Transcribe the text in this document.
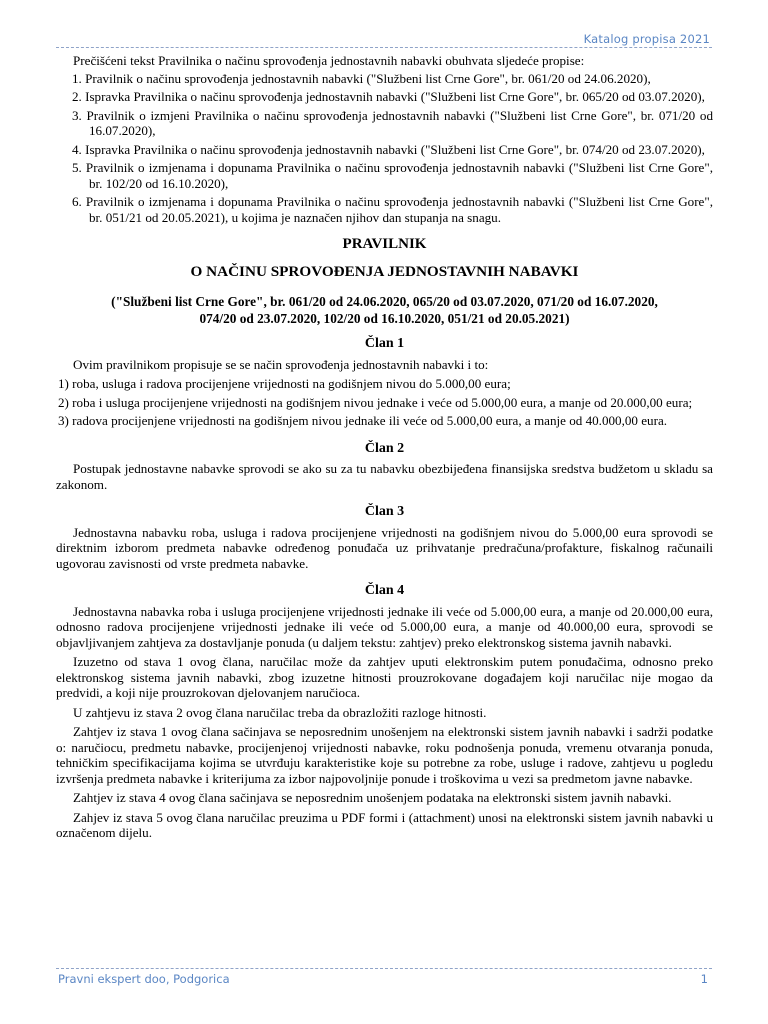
Katalog propisa 2021

Prečišćeni tekst Pravilnika o načinu sprovođenja jednostavnih nabavki obuhvata sljedeće propise:

1. Pravilnik o načinu sprovođenja jednostavnih nabavki ("Službeni list Crne Gore", br. 061/20 od 24.06.2020),

2. Ispravka Pravilnika o načinu sprovođenja jednostavnih nabavki ("Službeni list Crne Gore", br. 065/20 od 03.07.2020),

3. Pravilnik o izmjeni Pravilnika o načinu sprovođenja jednostavnih nabavki ("Službeni list Crne Gore", br. 071/20 od 16.07.2020),

4. Ispravka Pravilnika o načinu sprovođenja jednostavnih nabavki ("Službeni list Crne Gore", br. 074/20 od 23.07.2020),

5. Pravilnik o izmjenama i dopunama Pravilnika o načinu sprovođenja jednostavnih nabavki ("Službeni list Crne Gore", br. 102/20 od 16.10.2020),

6. Pravilnik o izmjenama i dopunama Pravilnika o načinu sprovođenja jednostavnih nabavki ("Službeni list Crne Gore", br. 051/21 od 20.05.2021), u kojima je naznačen njihov dan stupanja na snagu.

PRAVILNIK

O NAČINU SPROVOĐENJA JEDNOSTAVNIH NABAVKI

("Službeni list Crne Gore", br. 061/20 od 24.06.2020, 065/20 od 03.07.2020, 071/20 od 16.07.2020,
074/20 od 23.07.2020, 102/20 od 16.10.2020, 051/21 od 20.05.2021)

Član 1

Ovim pravilnikom propisuje se se način sprovođenja jednostavnih nabavki i to:

1) roba, usluga i radova procijenjene vrijednosti na godišnjem nivou do 5.000,00 eura;

2) roba i usluga procijenjene vrijednosti na godišnjem nivou jednake i veće od 5.000,00 eura, a manje od 20.000,00 eura;

3) radova procijenjene vrijednosti na godišnjem nivou jednake ili veće od 5.000,00 eura, a manje od 40.000,00 eura.

Član 2

Postupak jednostavne nabavke sprovodi se ako su za tu nabavku obezbijeđena finansijska sredstva budžetom u skladu sa zakonom.

Član 3

Jednostavna nabavku roba, usluga i radova procijenjene vrijednosti na godišnjem nivou do 5.000,00 eura sprovodi se direktnim izborom predmeta nabavke određenog ponuđača uz prihvatanje predračuna/profakture, fiskalnog računaili ugovorau zavisnosti od vrste predmeta nabavke.

Član 4

Jednostavna nabavka roba i usluga procijenjene vrijednosti jednake ili veće od 5.000,00 eura, a manje od 20.000,00 eura, odnosno radova procijenjene vrijednosti jednake ili veće od 5.000,00 eura, a manje od 40.000,00 eura, sprovodi se objavljivanjem zahtjeva za dostavljanje ponuda (u daljem tekstu: zahtjev) preko elektronskog sistema javnih nabavki.

Izuzetno od stava 1 ovog člana, naručilac može da zahtjev uputi elektronskim putem ponuđačima, odnosno preko elektronskog sistema javnih nabavki, zbog izuzetne hitnosti prouzrokovane događajem koji naručilac nije mogao da predvidi, a koji nije prouzrokovan djelovanjem naručioca.

U zahtjevu iz stava 2 ovog člana naručilac treba da obrazložiti razloge hitnosti.

Zahtjev iz stava 1 ovog člana sačinjava se neposrednim unošenjem na elektronski sistem javnih nabavki i sadrži podatke o: naručiocu, predmetu nabavke, procijenjenoj vrijednosti nabavke, roku podnošenja ponuda, vremenu otvaranja ponuda, tehničkim specifikacijama kojima se utvrđuju karakteristike koje su potrebne za robe, usluge i radove, zahtjevu u pogledu izvršenja predmeta nabavke i kriterijuma za izbor najpovoljnije ponude i troškovima u vezi sa predmetom javne nabavke.

Zahtjev iz stava 4 ovog člana sačinjava se neposrednim unošenjem podataka na elektronski sistem javnih nabavki.

Zahjev iz stava 5 ovog člana naručilac preuzima u PDF formi i (attachment) unosi na elektronski sistem javnih nabavki u označenom dijelu.

Pravni ekspert doo, Podgorica	1
